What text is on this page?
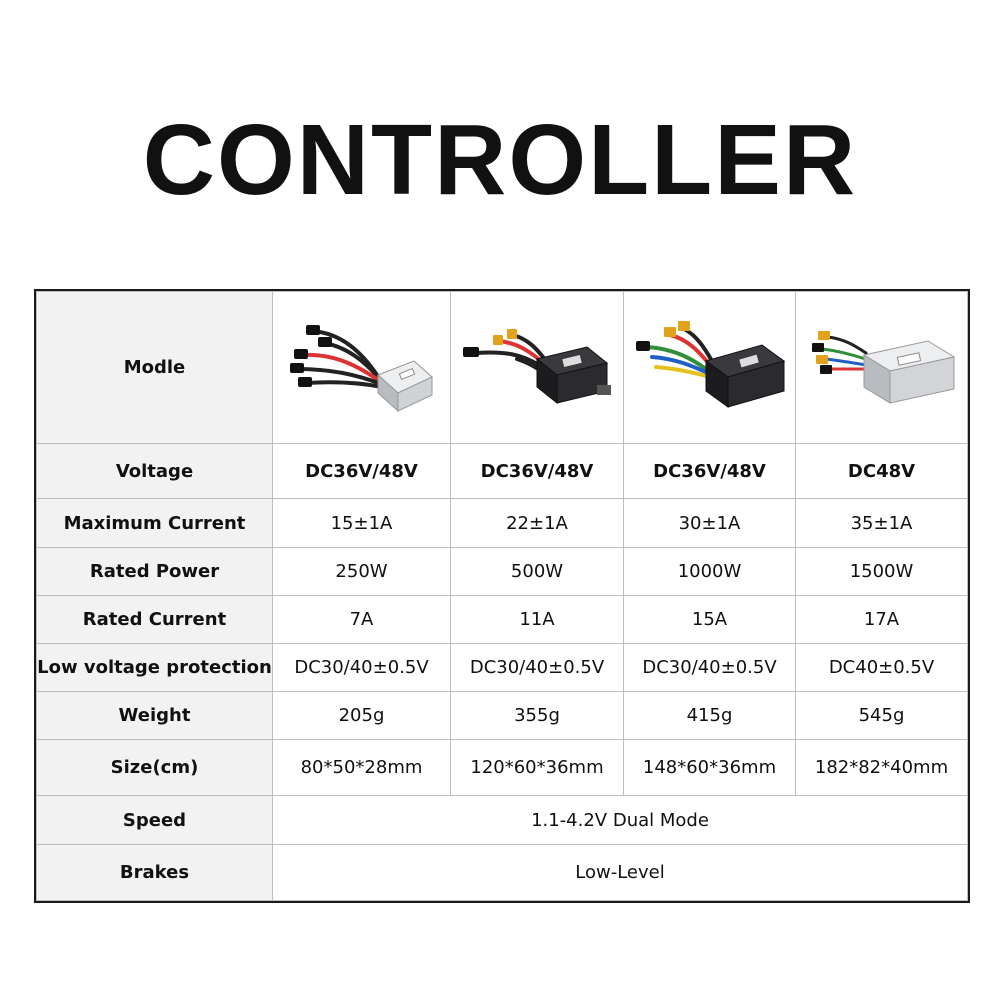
CONTROLLER
Modle	

Voltage	DC36V/48V	DC36V/48V	DC36V/48V	DC48V
Maximum Current	15±1A	22±1A	30±1A	35±1A
Rated Power	250W	500W	1000W	1500W
Rated Current	7A	11A	15A	17A
Low voltage protection	DC30/40±0.5V	DC30/40±0.5V	DC30/40±0.5V	DC40±0.5V
Weight	205g	355g	415g	545g
Size(cm)	80*50*28mm	120*60*36mm	148*60*36mm	182*82*40mm
Speed	1.1-4.2V Dual Mode			
Brakes	Low-Level			
